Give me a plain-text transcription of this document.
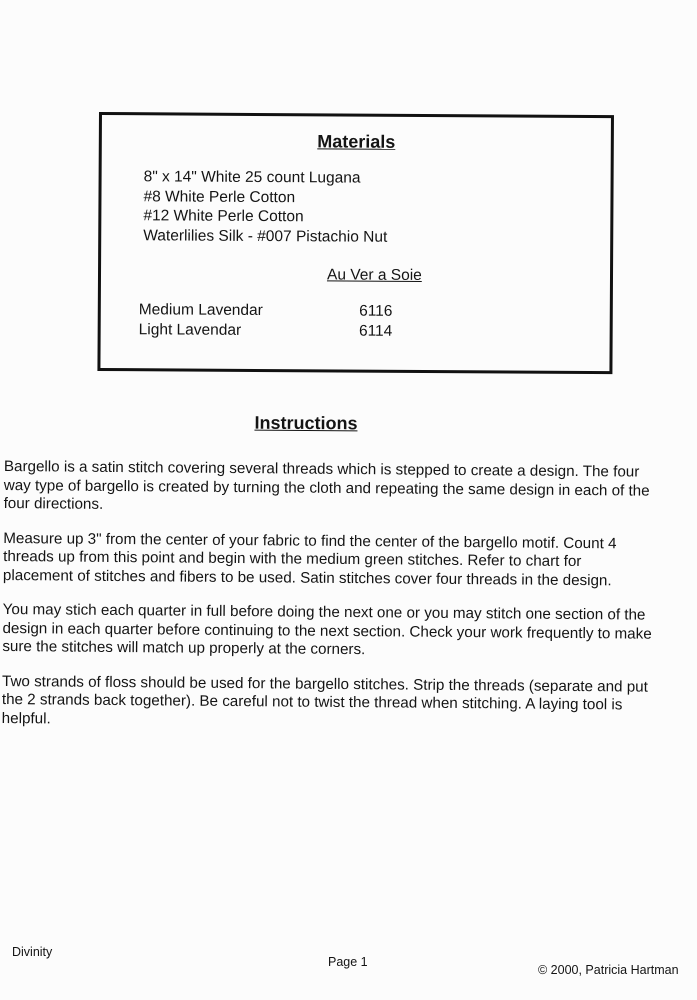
Materials
8" x 14" White 25 count Lugana
#8 White Perle Cotton
#12 White Perle Cotton
Waterlilies Silk - #007 Pistachio Nut
Au Ver a Soie
Medium Lavendar	6116
Light Lavendar	6114
Instructions

Bargello is a satin stitch covering several threads which is stepped to create a design. The four way type of bargello is created by turning the cloth and repeating the same design in each of the four directions.

Measure up 3" from the center of your fabric to find the center of the bargello motif. Count 4 threads up from this point and begin with the medium green stitches. Refer to chart for placement of stitches and fibers to be used. Satin stitches cover four threads in the design.

You may stich each quarter in full before doing the next one or you may stitch one section of the design in each quarter before continuing to the next section. Check your work frequently to make sure the stitches will match up properly at the corners.

Two strands of floss should be used for the bargello stitches. Strip the threads (separate and put the 2 strands back together). Be careful not to twist the thread when stitching. A laying tool is helpful.

Divinity
Page 1
© 2000, Patricia Hartman
